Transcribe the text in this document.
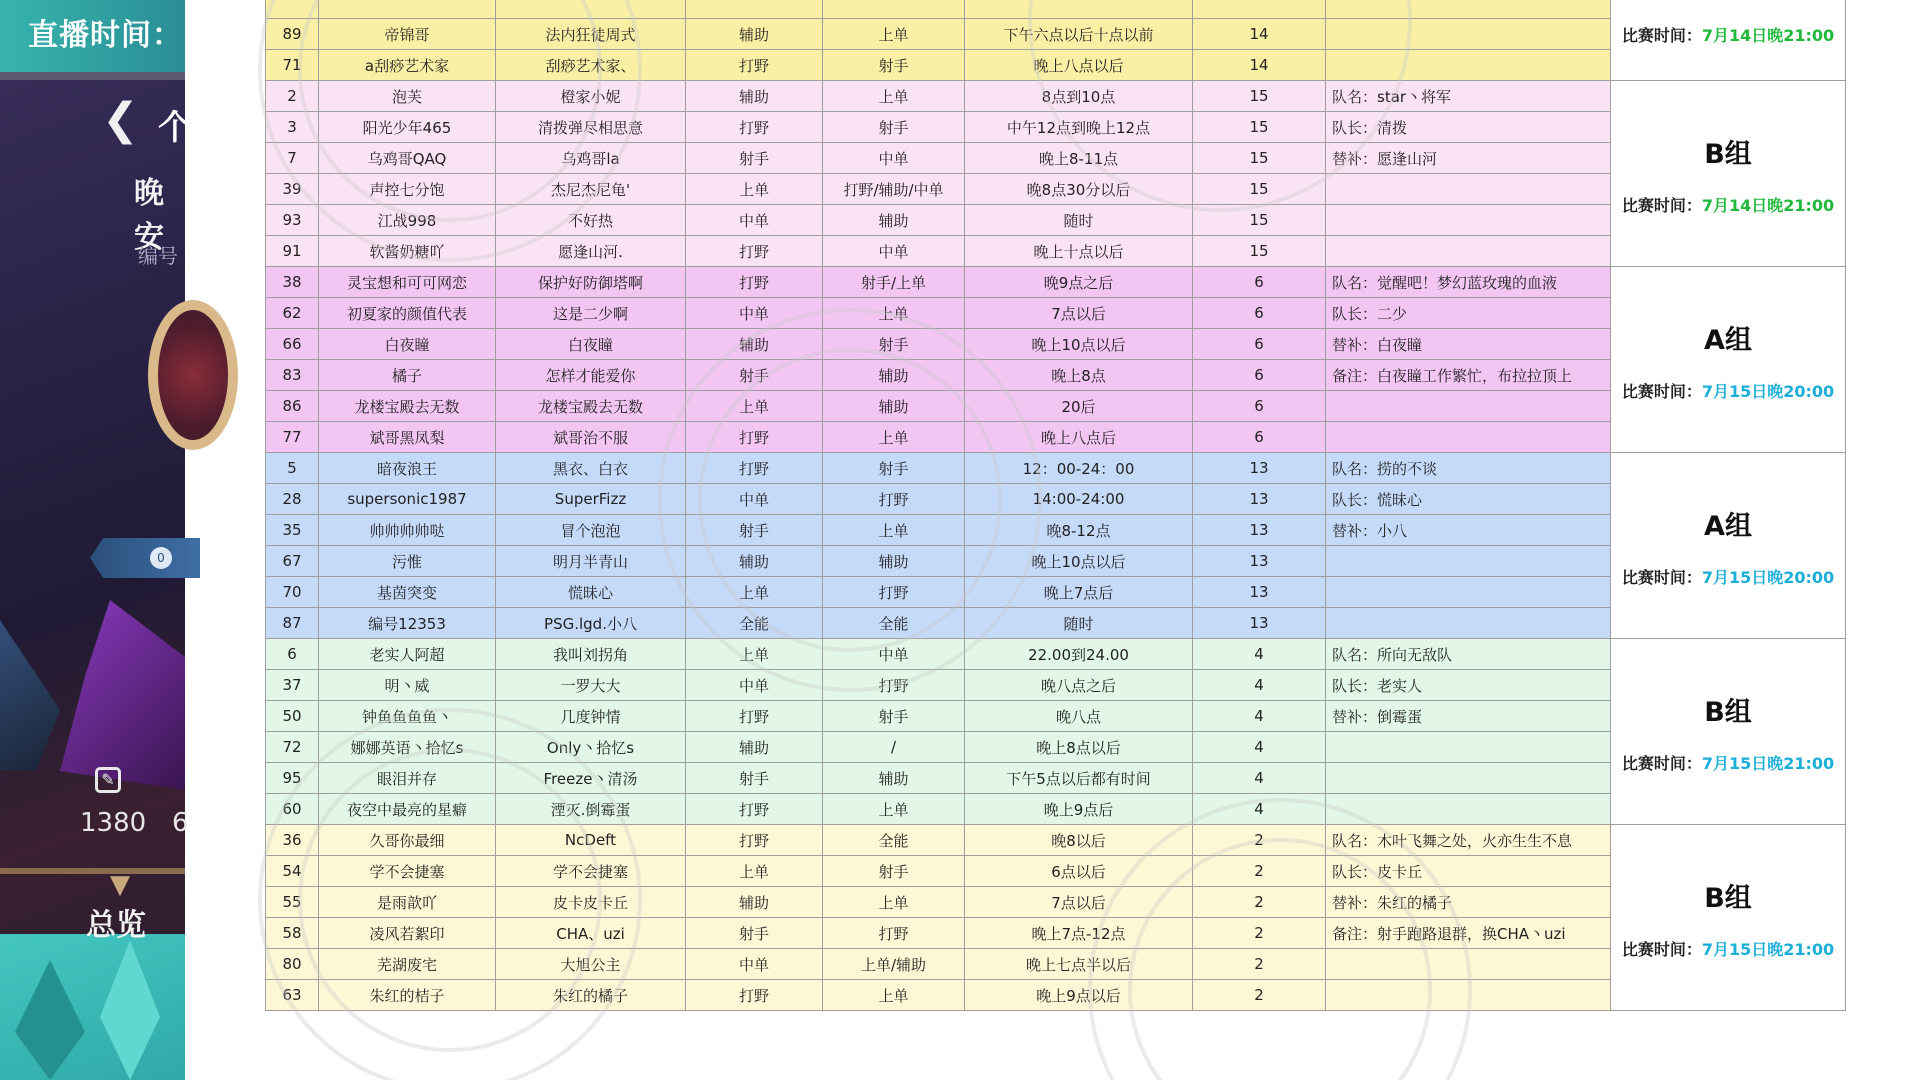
直播时间：
❮ 个
晚安
编号
0
✎
1380 6
▼
总览

								比赛时间：7月14日晚21:00

89	帝锦哥	法内狂徒周式	辅助	上单	下午六点以后十点以前	14		
71	a刮痧艺术家	刮痧艺术家、	打野	射手	晚上八点以后	14		
2	泡芙	橙家小妮	辅助	上单	8点到10点	15	队名：star丶将军	B组
比赛时间：7月14日晚21:00

3	阳光少年465	清拨弹尽相思意	打野	射手	中午12点到晚上12点	15	队长：清拨	
7	乌鸡哥QAQ	乌鸡哥la	射手	中单	晚上8-11点	15	替补：愿逢山河	
39	声控七分饱	杰尼杰尼龟'	上单	打野/辅助/中单	晚8点30分以后	15		
93	江战998	不好热	中单	辅助	随时	15		
91	软酱奶糖吖	愿逢山河.	打野	中单	晚上十点以后	15		
38	灵宝想和可可网恋	保护好防御塔啊	打野	射手/上单	晚9点之后	6	队名：觉醒吧！梦幻蓝玫瑰的血液	A组
比赛时间：7月15日晚20:00

62	初夏家的颜值代表	这是二少啊	中单	上单	7点以后	6	队长：二少	
66	白夜瞳	白夜瞳	辅助	射手	晚上10点以后	6	替补：白夜瞳	
83	橘子	怎样才能爱你	射手	辅助	晚上8点	6	备注：白夜瞳工作繁忙，布拉拉顶上	
86	龙楼宝殿去无数	龙楼宝殿去无数	上单	辅助	20后	6		
77	斌哥黑凤梨	斌哥治不服	打野	上单	晚上八点后	6		
5	暗夜浪王	黑衣、白衣	打野	射手	12：00-24：00	13	队名：捞的不谈	A组
比赛时间：7月15日晚20:00

28	supersonic1987	SuperFizz	中单	打野	14:00-24:00	13	队长：慌昧心	
35	帅帅帅帅哒	冒个泡泡	射手	上单	晚8-12点	13	替补：小八	
67	污惟	明月半青山	辅助	辅助	晚上10点以后	13		
70	基茵突变	慌昧心	上单	打野	晚上7点后	13		
87	编号12353	PSG.lgd.小八	全能	全能	随时	13		
6	老实人阿超	我叫刘拐角	上单	中单	22.00到24.00	4	队名：所向无敌队	B组
比赛时间：7月15日晚21:00

37	明丶威	一罗大大	中单	打野	晚八点之后	4	队长：老实人	
50	钟鱼鱼鱼鱼丶	几度钟情	打野	射手	晚八点	4	替补：倒霉蛋	
72	娜娜英语丶拾忆s	Only丶拾忆s	辅助	/	晚上8点以后	4		
95	眼泪并存	Freeze丶清汤	射手	辅助	下午5点以后都有时间	4		
60	夜空中最亮的星癖	湮灭.倒霉蛋	打野	上单	晚上9点后	4		
36	久哥你最细	NcDeft	打野	全能	晚8以后	2	队名：木叶飞舞之处，火亦生生不息	B组
比赛时间：7月15日晚21:00

54	学不会捷塞	学不会捷塞	上单	射手	6点以后	2	队长：皮卡丘	
55	是雨歆吖	皮卡皮卡丘	辅助	上单	7点以后	2	替补：朱红的橘子	
58	凌风若絮印	CHA、uzi	射手	打野	晚上7点-12点	2	备注：射手跑路退群，换CHA丶uzi	
80	芜湖废宅	大旭公主	中单	上单/辅助	晚上七点半以后	2		
63	朱红的桔子	朱红的橘子	打野	上单	晚上9点以后	2		
